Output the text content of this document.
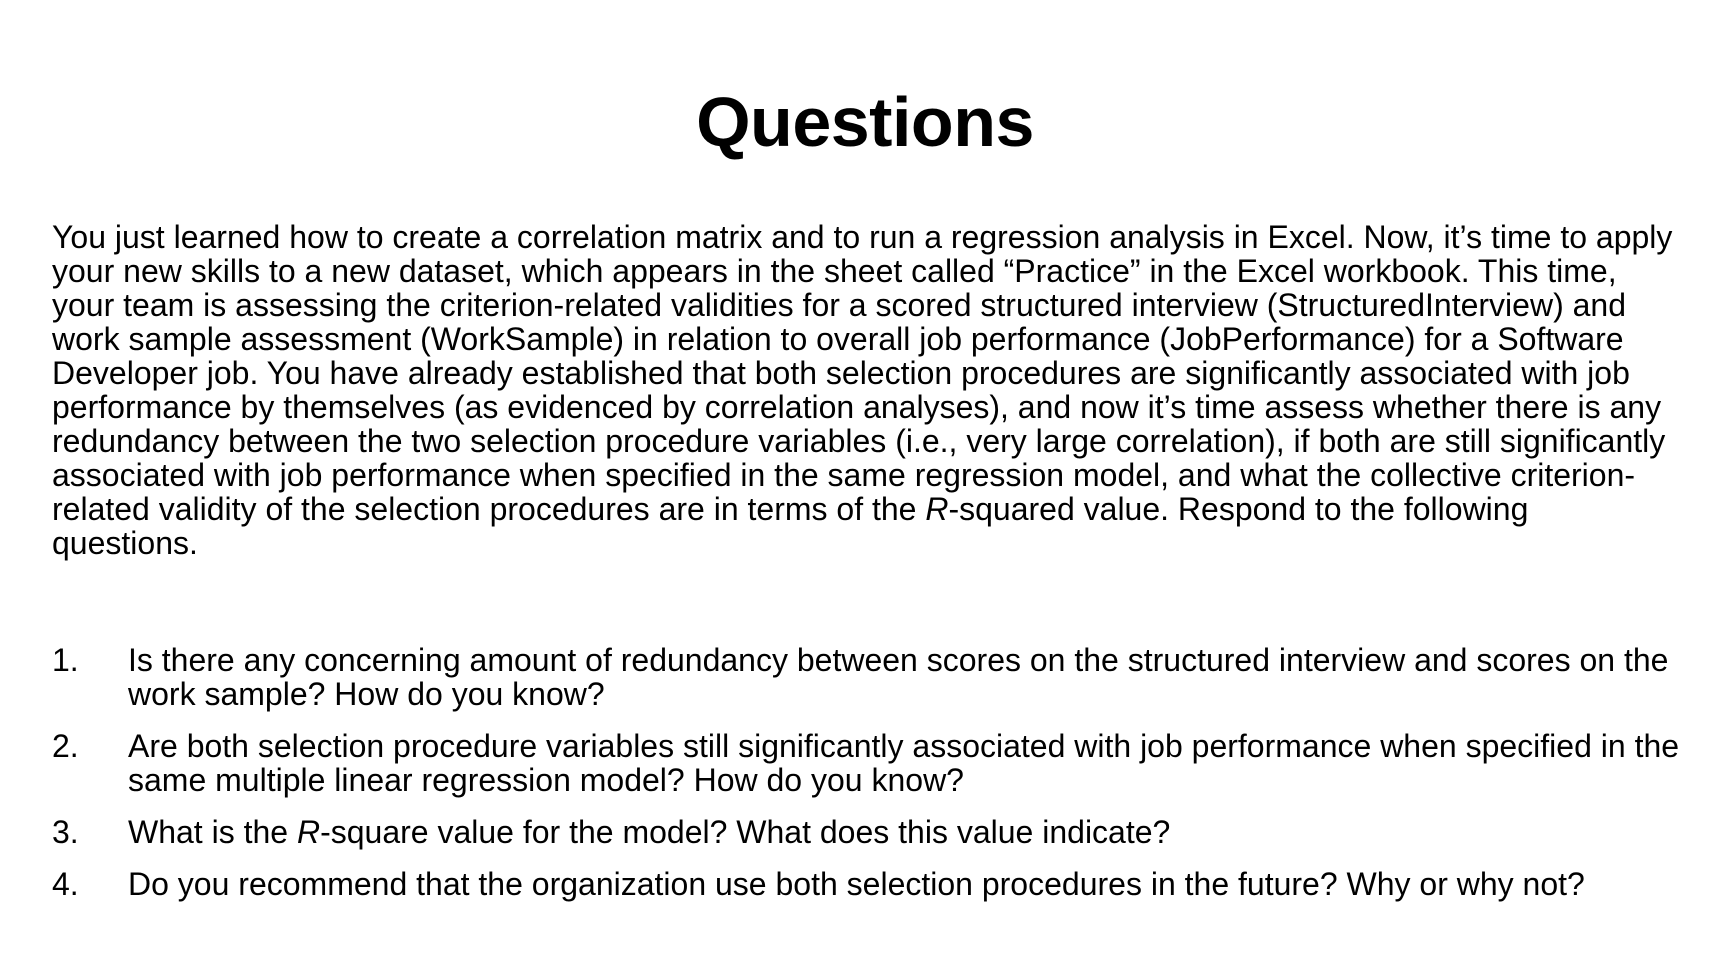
Questions

You just learned how to create a correlation matrix and to run a regression analysis in Excel. Now, it’s time to apply your new skills to a new dataset, which appears in the sheet called “Practice” in the Excel workbook. This time, your team is assessing the criterion-related validities for a scored structured interview (StructuredInterview) and work sample assessment (WorkSample) in relation to overall job performance (JobPerformance) for a Software Developer job. You have already established that both selection procedures are significantly associated with job performance by themselves (as evidenced by correlation analyses), and now it’s time assess whether there is any redundancy between the two selection procedure variables (i.e., very large correlation), if both are still significantly associated with job performance when specified in the same regression model, and what the collective criterion-related validity of the selection procedures are in terms of the R-squared value. Respond to the following questions.

1. Is there any concerning amount of redundancy between scores on the structured interview and scores on the work sample? How do you know?
2. Are both selection procedure variables still significantly associated with job performance when specified in the same multiple linear regression model? How do you know?
3. What is the R-square value for the model? What does this value indicate?
4. Do you recommend that the organization use both selection procedures in the future? Why or why not?
